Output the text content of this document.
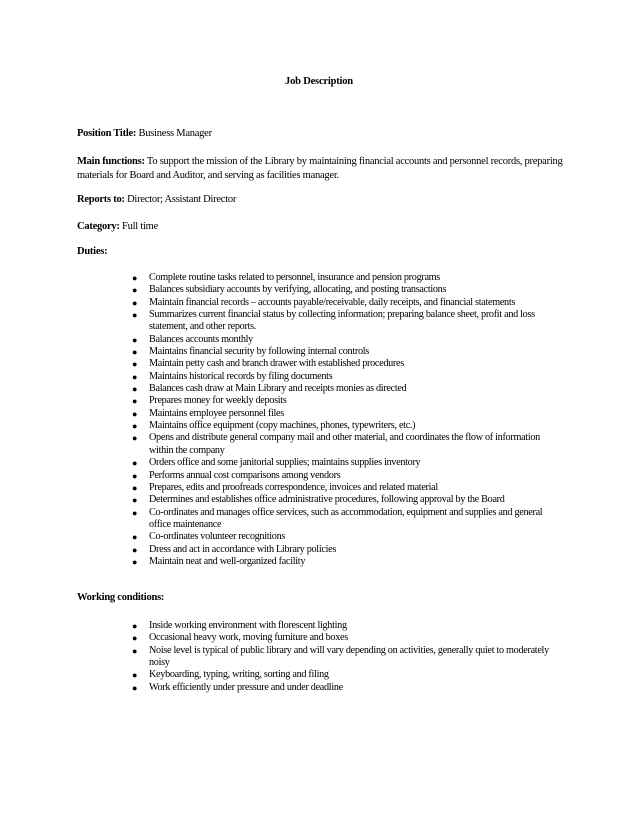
Job Description
Position Title: Business Manager
Main functions: To support the mission of the Library by maintaining financial accounts and personnel records, preparing materials for Board and Auditor, and serving as facilities manager.
Reports to: Director; Assistant Director
Category: Full time
Duties:
● Complete routine tasks related to personnel, insurance and pension programs
● Balances subsidiary accounts by verifying, allocating, and posting transactions
● Maintain financial records – accounts payable/receivable, daily receipts, and financial statements
● Summarizes current financial status by collecting information; preparing balance sheet, profit and loss statement, and other reports.
● Balances accounts monthly
● Maintains financial security by following internal controls
● Maintain petty cash and branch drawer with established procedures
● Maintains historical records by filing documents
● Balances cash draw at Main Library and receipts monies as directed
● Prepares money for weekly deposits
● Maintains employee personnel files
● Maintains office equipment (copy machines, phones, typewriters, etc.)
● Opens and distribute general company mail and other material, and coordinates the flow of information within the company
● Orders office and some janitorial supplies; maintains supplies inventory
● Performs annual cost comparisons among vendors
● Prepares, edits and proofreads correspondence, invoices and related material
● Determines and establishes office administrative procedures, following approval by the Board
● Co-ordinates and manages office services, such as accommodation, equipment and supplies and general office maintenance
● Co-ordinates volunteer recognitions
● Dress and act in accordance with Library policies
● Maintain neat and well-organized facility
Working conditions:
● Inside working environment with florescent lighting
● Occasional heavy work, moving furniture and boxes
● Noise level is typical of public library and will vary depending on activities, generally quiet to moderately noisy
● Keyboarding, typing, writing, sorting and filing
● Work efficiently under pressure and under deadline
